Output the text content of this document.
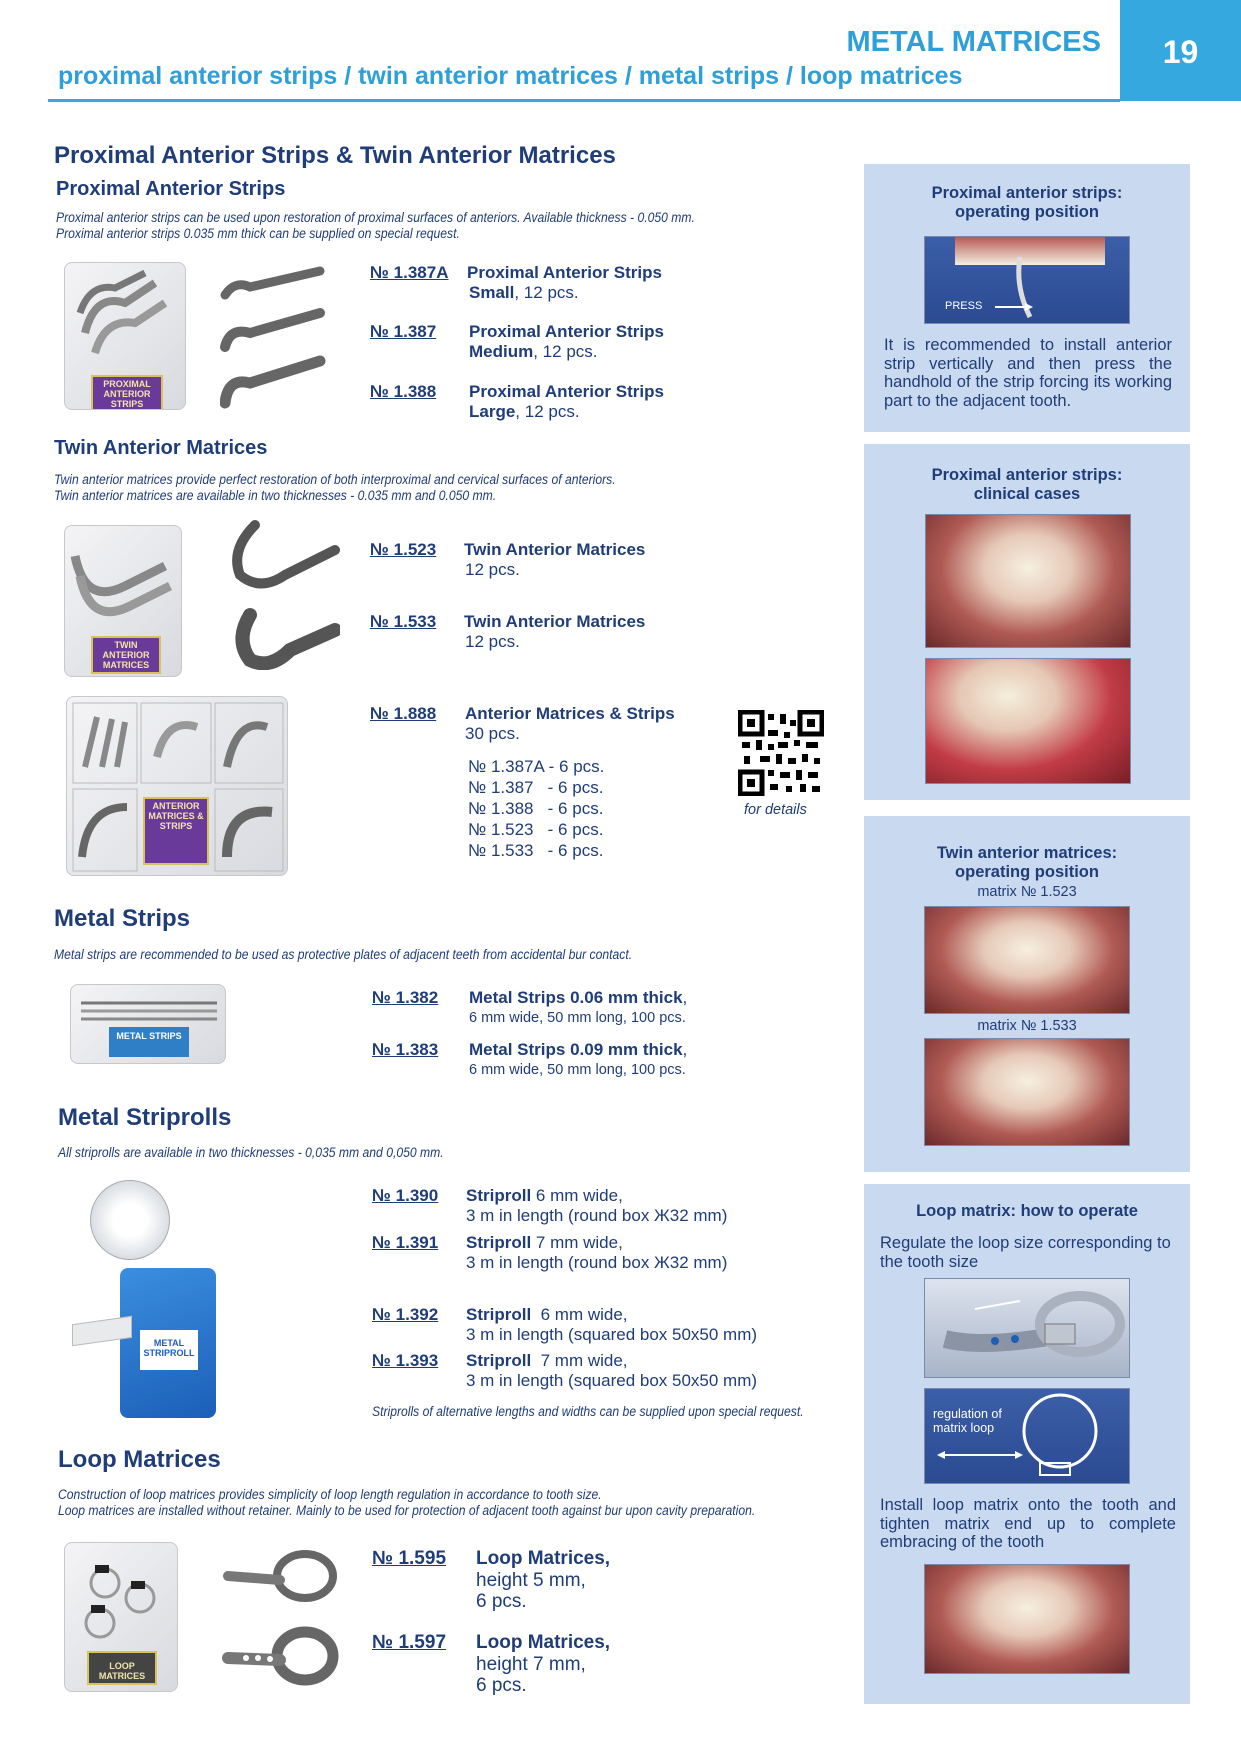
19
METAL MATRICES
proximal anterior strips / twin anterior matrices / metal strips / loop matrices
Proximal Anterior Strips & Twin Anterior Matrices
Proximal Anterior Strips
Proximal anterior strips can be used upon restoration of proximal surfaces of anteriors. Available thickness - 0.050 mm.
Proximal anterior strips 0.035 mm thick can be supplied on special request.
PROXIMAL ANTERIOR STRIPS
№ 1.387A Proximal Anterior Strips
Small, 12 pcs.
№ 1.387 Proximal Anterior Strips
Medium, 12 pcs.
№ 1.388 Proximal Anterior Strips
Large, 12 pcs.
Twin Anterior Matrices
Twin anterior matrices provide perfect restoration of both interproximal and cervical surfaces of anteriors.
Twin anterior matrices are available in two thicknesses - 0.035 mm and 0.050 mm.
TWIN ANTERIOR MATRICES
№ 1.523 Twin Anterior Matrices
12 pcs.
№ 1.533 Twin Anterior Matrices
12 pcs.
ANTERIOR MATRICES & STRIPS
№ 1.888 Anterior Matrices & Strips
30 pcs.
№ 1.387A - 6 pcs.
№ 1.387   - 6 pcs.
№ 1.388   - 6 pcs.
№ 1.523   - 6 pcs.
№ 1.533   - 6 pcs.
for details
Metal Strips
Metal strips are recommended to be used as protective plates of adjacent teeth from accidental bur contact.
METAL STRIPS
№ 1.382 Metal Strips 0.06 mm thick,
6 mm wide, 50 mm long, 100 pcs.
№ 1.383 Metal Strips 0.09 mm thick,
6 mm wide, 50 mm long, 100 pcs.
Metal Striprolls
All striprolls are available in two thicknesses - 0,035 mm and 0,050 mm.
METAL STRIPROLL
№ 1.390 Striproll 6 mm wide,
3 m in length (round box Ж32 mm)
№ 1.391 Striproll 7 mm wide,
3 m in length (round box Ж32 mm)
№ 1.392 Striproll  6 mm wide,
3 m in length (squared box 50x50 mm)
№ 1.393 Striproll  7 mm wide,
3 m in length (squared box 50x50 mm)
Striprolls of alternative lengths and widths can be supplied upon special request.
Loop Matrices
Construction of loop matrices provides simplicity of loop length regulation in accordance to tooth size.
Loop matrices are installed without retainer. Mainly to be used for protection of adjacent tooth against bur upon cavity preparation.
LOOP MATRICES
№ 1.595 Loop Matrices,
height 5 mm,
6 pcs.
№ 1.597 Loop Matrices,
height 7 mm,
6 pcs.
Proximal anterior strips:
operating position
PRESS
It is recommended to install anterior strip vertically and then press the handhold of the strip forcing its working part to the adjacent tooth.
Proximal anterior strips:
clinical cases
Twin anterior matrices:
operating position
matrix № 1.523
matrix № 1.533
Loop matrix: how to operate
Regulate the loop size corresponding to the tooth size
regulation of
matrix loop
Install loop matrix onto the tooth and tighten matrix end up to complete embracing of the tooth
